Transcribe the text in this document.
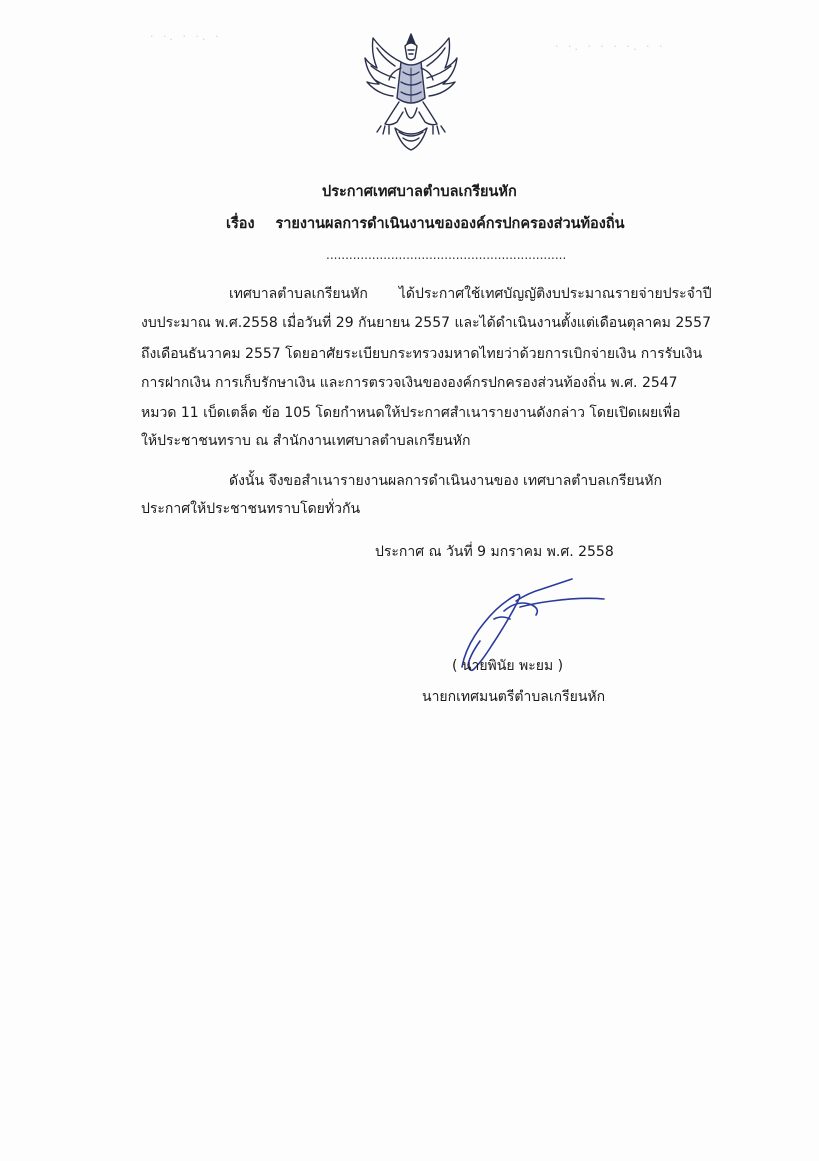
· ·. · ·. ·
· ·. · · · ·. · ·
ประกาศเทศบาลตำบลเกรียนหัก
เรื่อง รายงานผลการดำเนินงานขององค์กรปกครองส่วนท้องถิ่น
...............................................................
เทศบาลตำบลเกรียนหัก ได้ประกาศใช้เทศบัญญัติงบประมาณรายจ่ายประจำปี
งบประมาณ พ.ศ.2558 เมื่อวันที่ 29 กันยายน 2557 และได้ดำเนินงานตั้งแต่เดือนตุลาคม 2557
ถึงเดือนธันวาคม 2557 โดยอาศัยระเบียบกระทรวงมหาดไทยว่าด้วยการเบิกจ่ายเงิน การรับเงิน
การฝากเงิน การเก็บรักษาเงิน และการตรวจเงินขององค์กรปกครองส่วนท้องถิ่น พ.ศ. 2547
หมวด 11 เบ็ดเตล็ด ข้อ 105 โดยกำหนดให้ประกาศสำเนารายงานดังกล่าว โดยเปิดเผยเพื่อ
ให้ประชาชนทราบ ณ สำนักงานเทศบาลตำบลเกรียนหัก
ดังนั้น จึงขอสำเนารายงานผลการดำเนินงานของ เทศบาลตำบลเกรียนหัก
ประกาศให้ประชาชนทราบโดยทั่วกัน
ประกาศ ณ วันที่ 9 มกราคม พ.ศ. 2558
( นายพินัย พะยม )
นายกเทศมนตรีตำบลเกรียนหัก
